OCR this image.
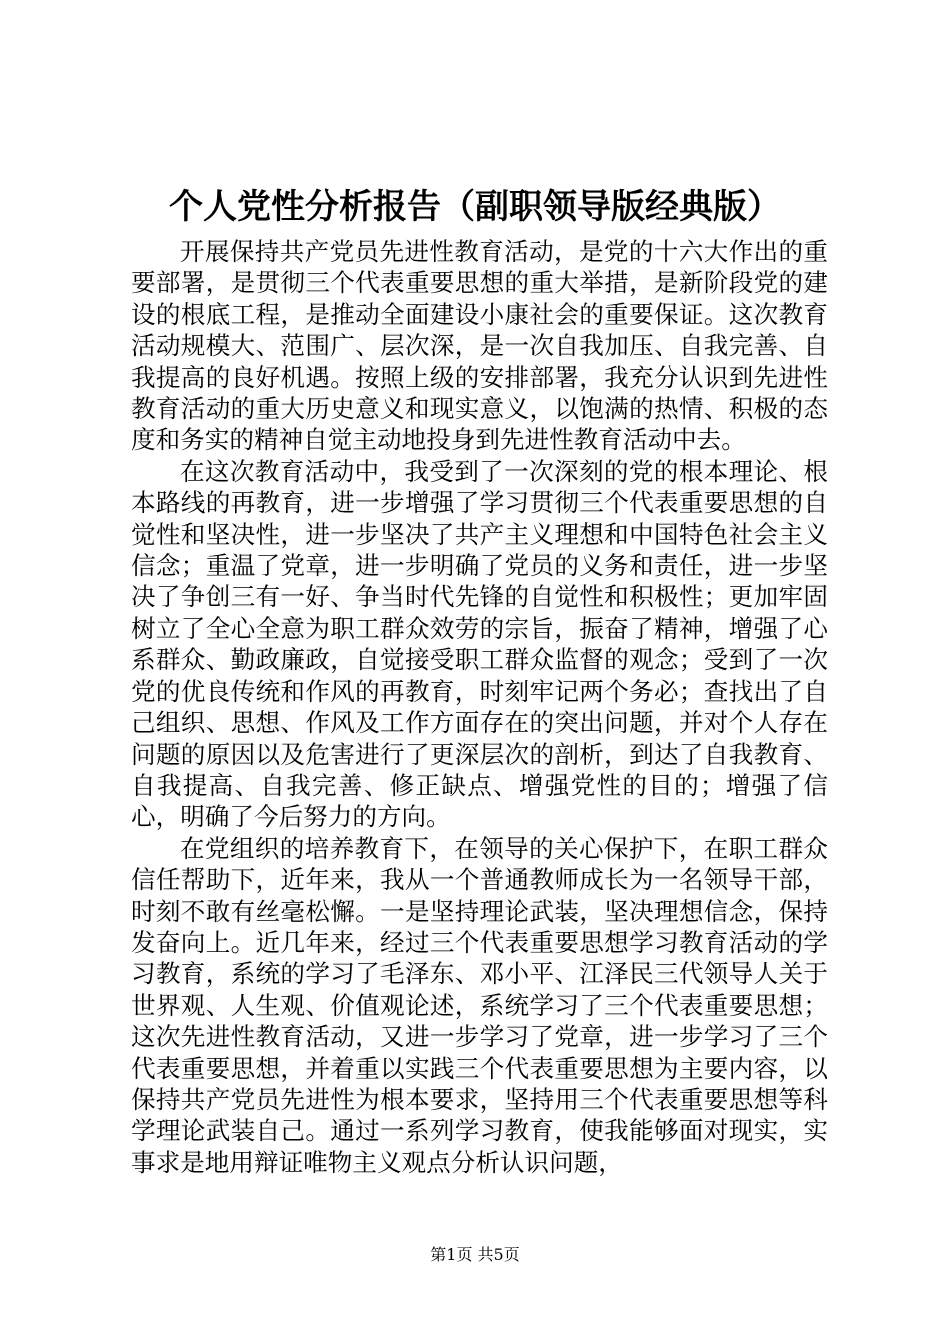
个人党性分析报告（副职领导版经典版）

开展保持共产党员先进性教育活动，是党的十六大作出的重要部署，是贯彻三个代表重要思想的重大举措，是新阶段党的建设的根底工程，是推动全面建设小康社会的重要保证。这次教育活动规模大、范围广、层次深，是一次自我加压、自我完善、自我提高的良好机遇。按照上级的安排部署，我充分认识到先进性教育活动的重大历史意义和现实意义，以饱满的热情、积极的态度和务实的精神自觉主动地投身到先进性教育活动中去。

在这次教育活动中，我受到了一次深刻的党的根本理论、根本路线的再教育，进一步增强了学习贯彻三个代表重要思想的自觉性和坚决性，进一步坚决了共产主义理想和中国特色社会主义信念；重温了党章，进一步明确了党员的义务和责任，进一步坚决了争创三有一好、争当时代先锋的自觉性和积极性；更加牢固树立了全心全意为职工群众效劳的宗旨，振奋了精神，增强了心系群众、勤政廉政，自觉接受职工群众监督的观念；受到了一次党的优良传统和作风的再教育，时刻牢记两个务必；查找出了自己组织、思想、作风及工作方面存在的突出问题，并对个人存在问题的原因以及危害进行了更深层次的剖析，到达了自我教育、自我提高、自我完善、修正缺点、增强党性的目的；增强了信心，明确了今后努力的方向。

在党组织的培养教育下，在领导的关心保护下，在职工群众信任帮助下，近年来，我从一个普通教师成长为一名领导干部，时刻不敢有丝毫松懈。一是坚持理论武装，坚决理想信念，保持发奋向上。近几年来，经过三个代表重要思想学习教育活动的学习教育，系统的学习了毛泽东、邓小平、江泽民三代领导人关于世界观、人生观、价值观论述，系统学习了三个代表重要思想；这次先进性教育活动，又进一步学习了党章，进一步学习了三个代表重要思想，并着重以实践三个代表重要思想为主要内容，以保持共产党员先进性为根本要求，坚持用三个代表重要思想等科学理论武装自己。通过一系列学习教育，使我能够面对现实，实事求是地用辩证唯物主义观点分析认识问题，

第1页 共5页
